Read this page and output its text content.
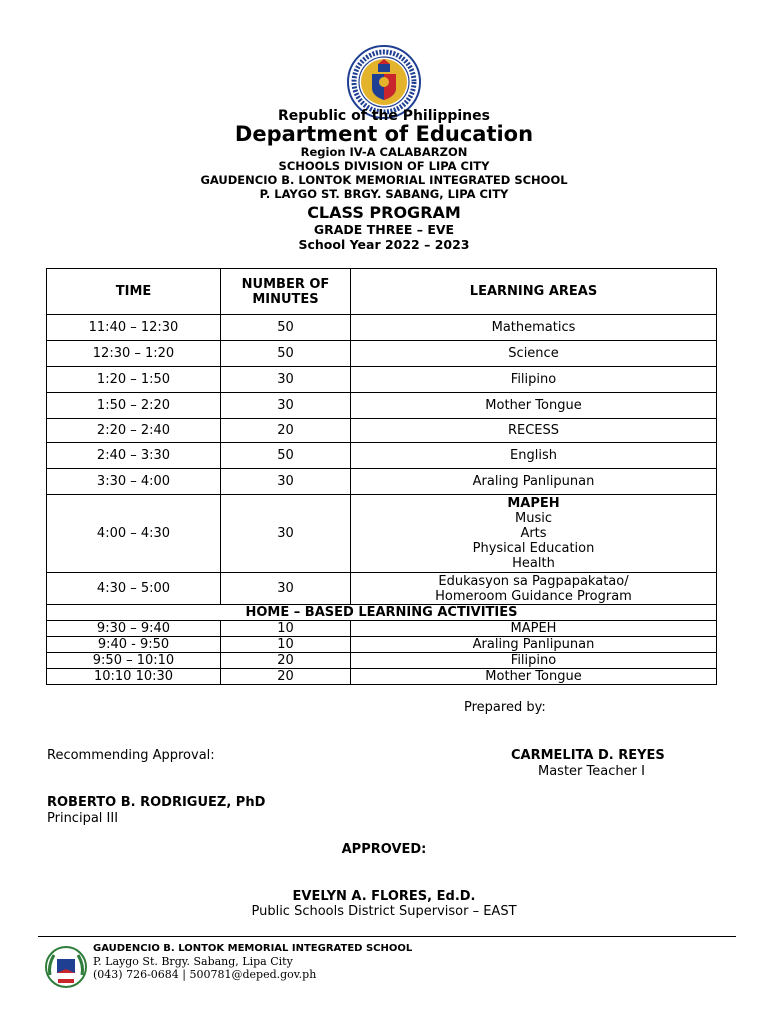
Republic of the Philippines
Department of Education
Region IV-A CALABARZON
SCHOOLS DIVISION OF LIPA CITY
GAUDENCIO B. LONTOK MEMORIAL INTEGRATED SCHOOL
P. LAYGO ST. BRGY. SABANG, LIPA CITY
CLASS PROGRAM
GRADE THREE – EVE
School Year 2022 – 2023
TIME	NUMBER OF MINUTES	LEARNING AREAS
11:40 – 12:30	50	Mathematics
12:30 – 1:20	50	Science
1:20 – 1:50	30	Filipino
1:50 – 2:20	30	Mother Tongue
2:20 – 2:40	20	RECESS
2:40 – 3:30	50	English
3:30 – 4:00	30	Araling Panlipunan
4:00 – 4:30	30	MAPEH
Music
Arts
Physical Education
Health

4:30 – 5:00	30	Edukasyon sa Pagpapakatao/
Homeroom Guidance Program

HOME – BASED LEARNING ACTIVITIES		
9:30 – 9:40	10	MAPEH
9:40 - 9:50	10	Araling Panlipunan
9:50 – 10:10	20	Filipino
10:10 10:30	20	Mother Tongue
Prepared by:
Recommending Approval:	CARMELITA D. REYES
Master Teacher I
ROBERTO B. RODRIGUEZ, PhD
Principal III
APPROVED:
EVELYN A. FLORES, Ed.D.
Public Schools District Supervisor – EAST
GAUDENCIO B. LONTOK MEMORIAL INTEGRATED SCHOOL
P. Laygo St. Brgy. Sabang, Lipa City
(043) 726-0684 | 500781@deped.gov.ph
